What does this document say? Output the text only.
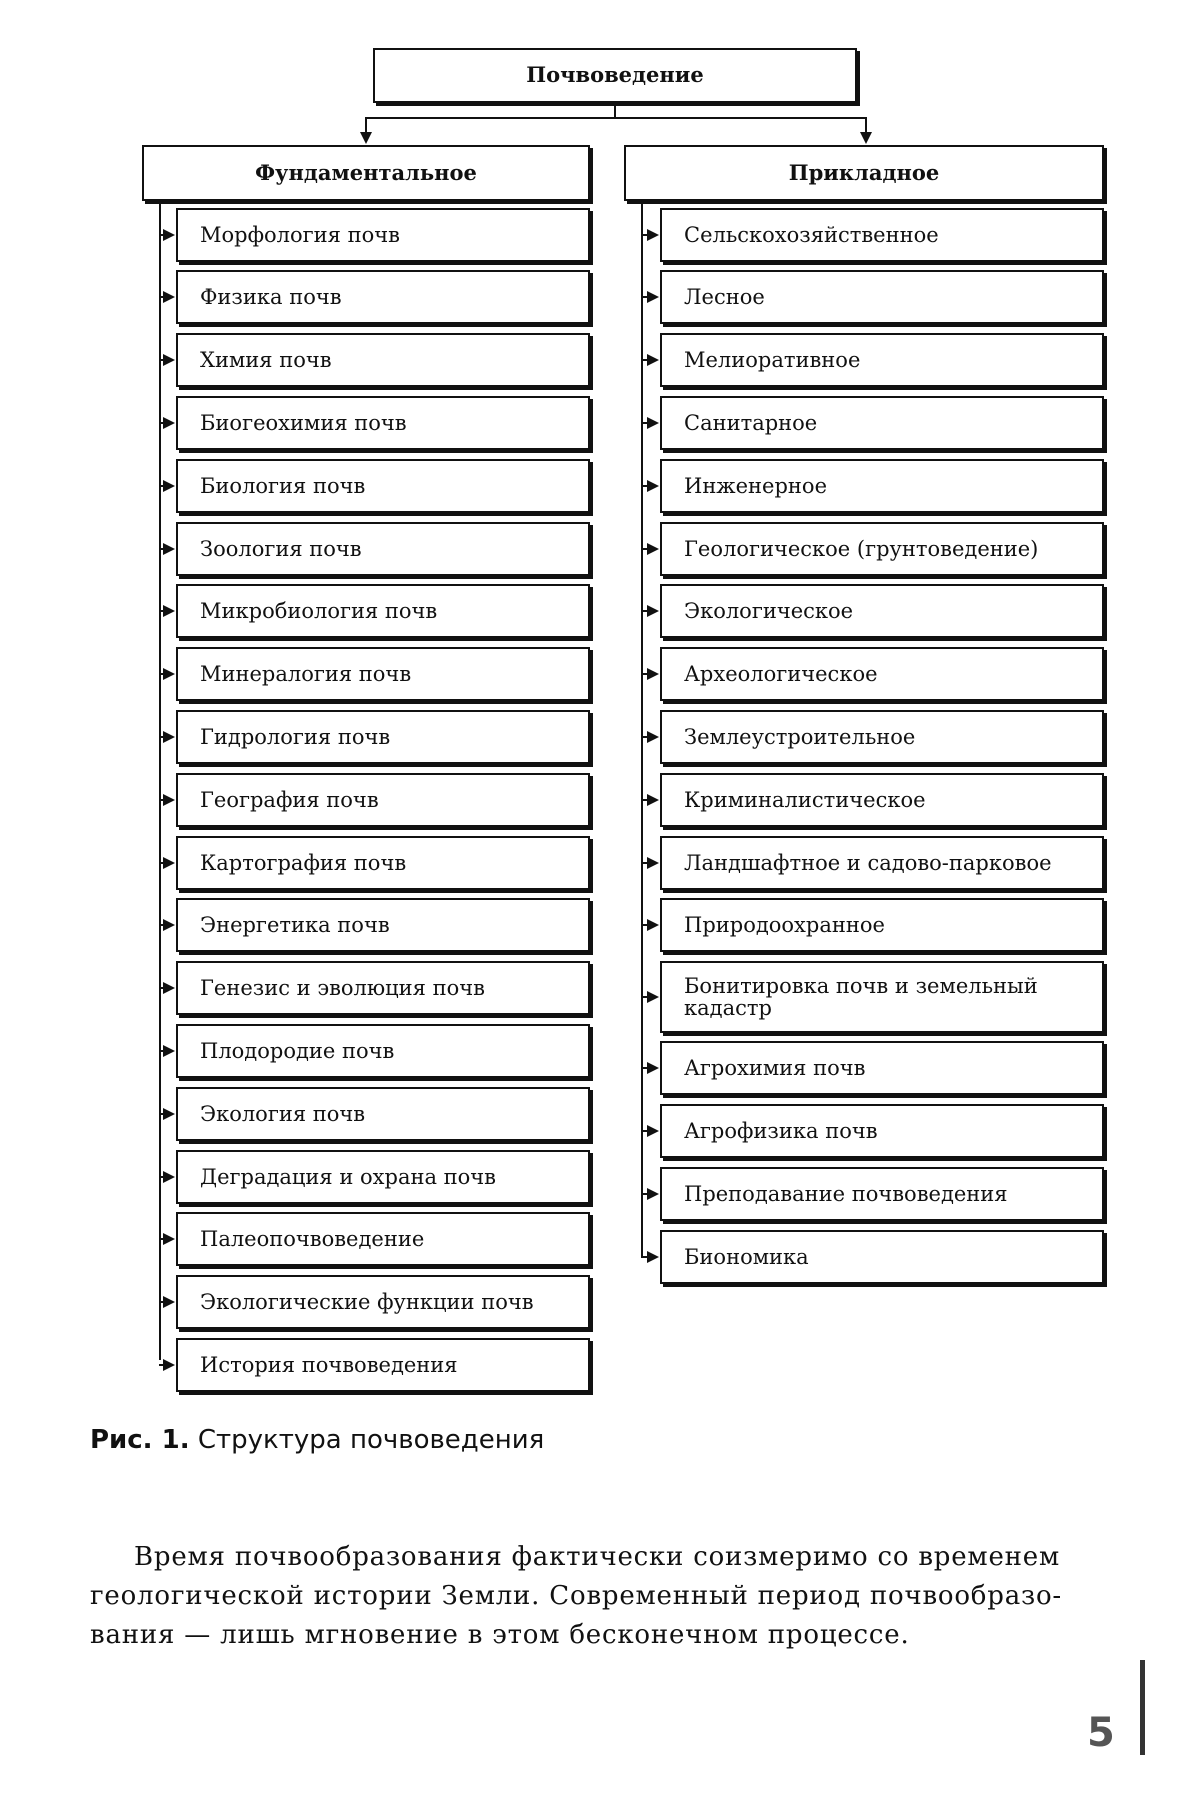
Почвоведение
Фундаментальное	Прикладное
Морфология почв
Физика почв
Химия почв
Биогеохимия почв
Биология почв
Зоология почв
Микробиология почв
Минералогия почв
Гидрология почв
География почв
Картография почв
Энергетика почв
Генезис и эволюция почв
Плодородие почв
Экология почв
Деградация и охрана почв
Палеопочвоведение
Экологические функции почв
История почвоведения
Сельскохозяйственное
Лесное
Мелиоративное
Санитарное
Инженерное
Геологическое (грунтоведение)
Экологическое
Археологическое
Землеустроительное
Криминалистическое
Ландшафтное и садово-парковое
Природоохранное
Бонитировка почв и земельный кадастр
Агрохимия почв
Агрофизика почв
Преподавание почвоведения
Биономика
Рис. 1. Структура почвоведения
Время почвообразования фактически соизмеримо со временем
геологической истории Земли. Современный период почвообразо-
вания — лишь мгновение в этом бесконечном процессе.
5
